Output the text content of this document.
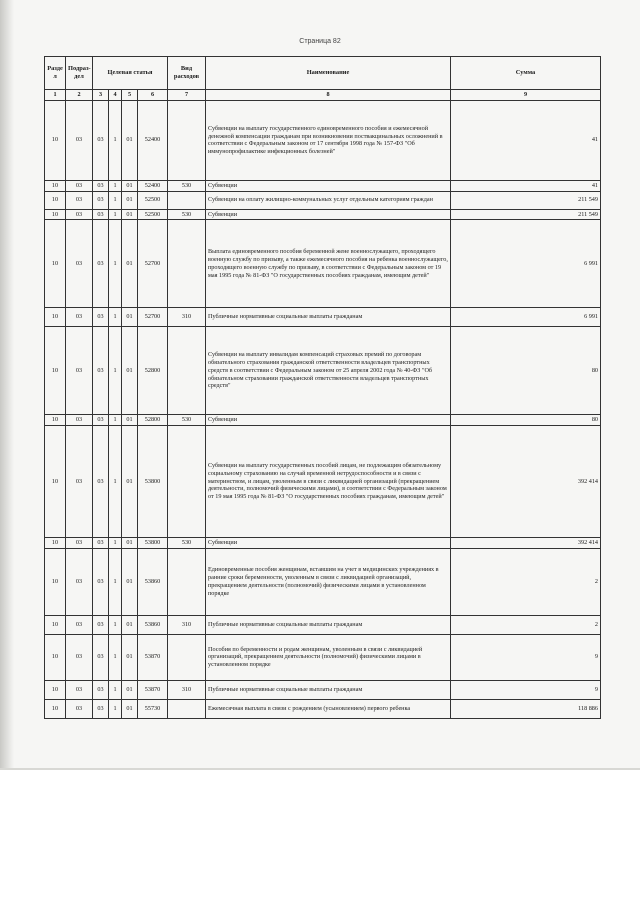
Страница 82
Разде л	Подраз- дел	Целевая статья				Вид расходов	Наименование	Сумма
1	2	3	4	5	6	7	8	9
10	03	03	1	01	52400		Субвенции на выплату государственного единовременного пособия и ежемесячной денежной компенсации гражданам при возникновении поствакцинальных осложнений в соответствии с Федеральным законом от 17 сентября 1998 года № 157-ФЗ "Об иммунопрофилактике инфекционных болезней"	41
10	03	03	1	01	52400	530	Субвенции	41
10	03	03	1	01	52500		Субвенции на оплату жилищно-коммунальных услуг отдельным категориям граждан	211 549
10	03	03	1	01	52500	530	Субвенции	211 549
10	03	03	1	01	52700		Выплата единовременного пособия беременной жене военнослужащего, проходящего военную службу по призыву, а также ежемесячного пособия на ребенка военнослужащего, проходящего военную службу по призыву, в соответствии с Федеральным законом от 19 мая 1995 года № 81-ФЗ "О государственных пособиях гражданам, имеющим детей"	6 991
10	03	03	1	01	52700	310	Публичные нормативные социальные выплаты гражданам	6 991
10	03	03	1	01	52800		Субвенции на выплату инвалидам компенсаций страховых премий по договорам обязательного страхования гражданской ответственности владельцев транспортных средств в соответствии с Федеральным законом от 25 апреля 2002 года № 40-ФЗ "Об обязательном страховании гражданской ответственности владельцев транспортных средств"	80
10	03	03	1	01	52800	530	Субвенции	80
10	03	03	1	01	53800		Субвенции на выплату государственных пособий лицам, не подлежащим обязательному социальному страхованию на случай временной нетрудоспособности и в связи с материнством, и лицам, уволенным в связи с ликвидацией организаций (прекращением деятельности, полномочий физическими лицами), в соответствии с Федеральным законом от 19 мая 1995 года № 81-ФЗ "О государственных пособиях гражданам, имеющим детей"	392 414
10	03	03	1	01	53800	530	Субвенции	392 414
10	03	03	1	01	53860		Единовременные пособия женщинам, вставшим на учет в медицинских учреждениях в ранние сроки беременности, уволенным в связи с ликвидацией организаций, прекращением деятельности (полномочий) физическими лицами в установленном порядке	2
10	03	03	1	01	53860	310	Публичные нормативные социальные выплаты гражданам	2
10	03	03	1	01	53870		Пособия по беременности и родам женщинам, уволенным в связи с ликвидацией организаций, прекращением деятельности (полномочий) физическими лицами в установленном порядке	9
10	03	03	1	01	53870	310	Публичные нормативные социальные выплаты гражданам	9
10	03	03	1	01	55730		Ежемесячная выплата в связи с рождением (усыновлением) первого ребенка	118 886
